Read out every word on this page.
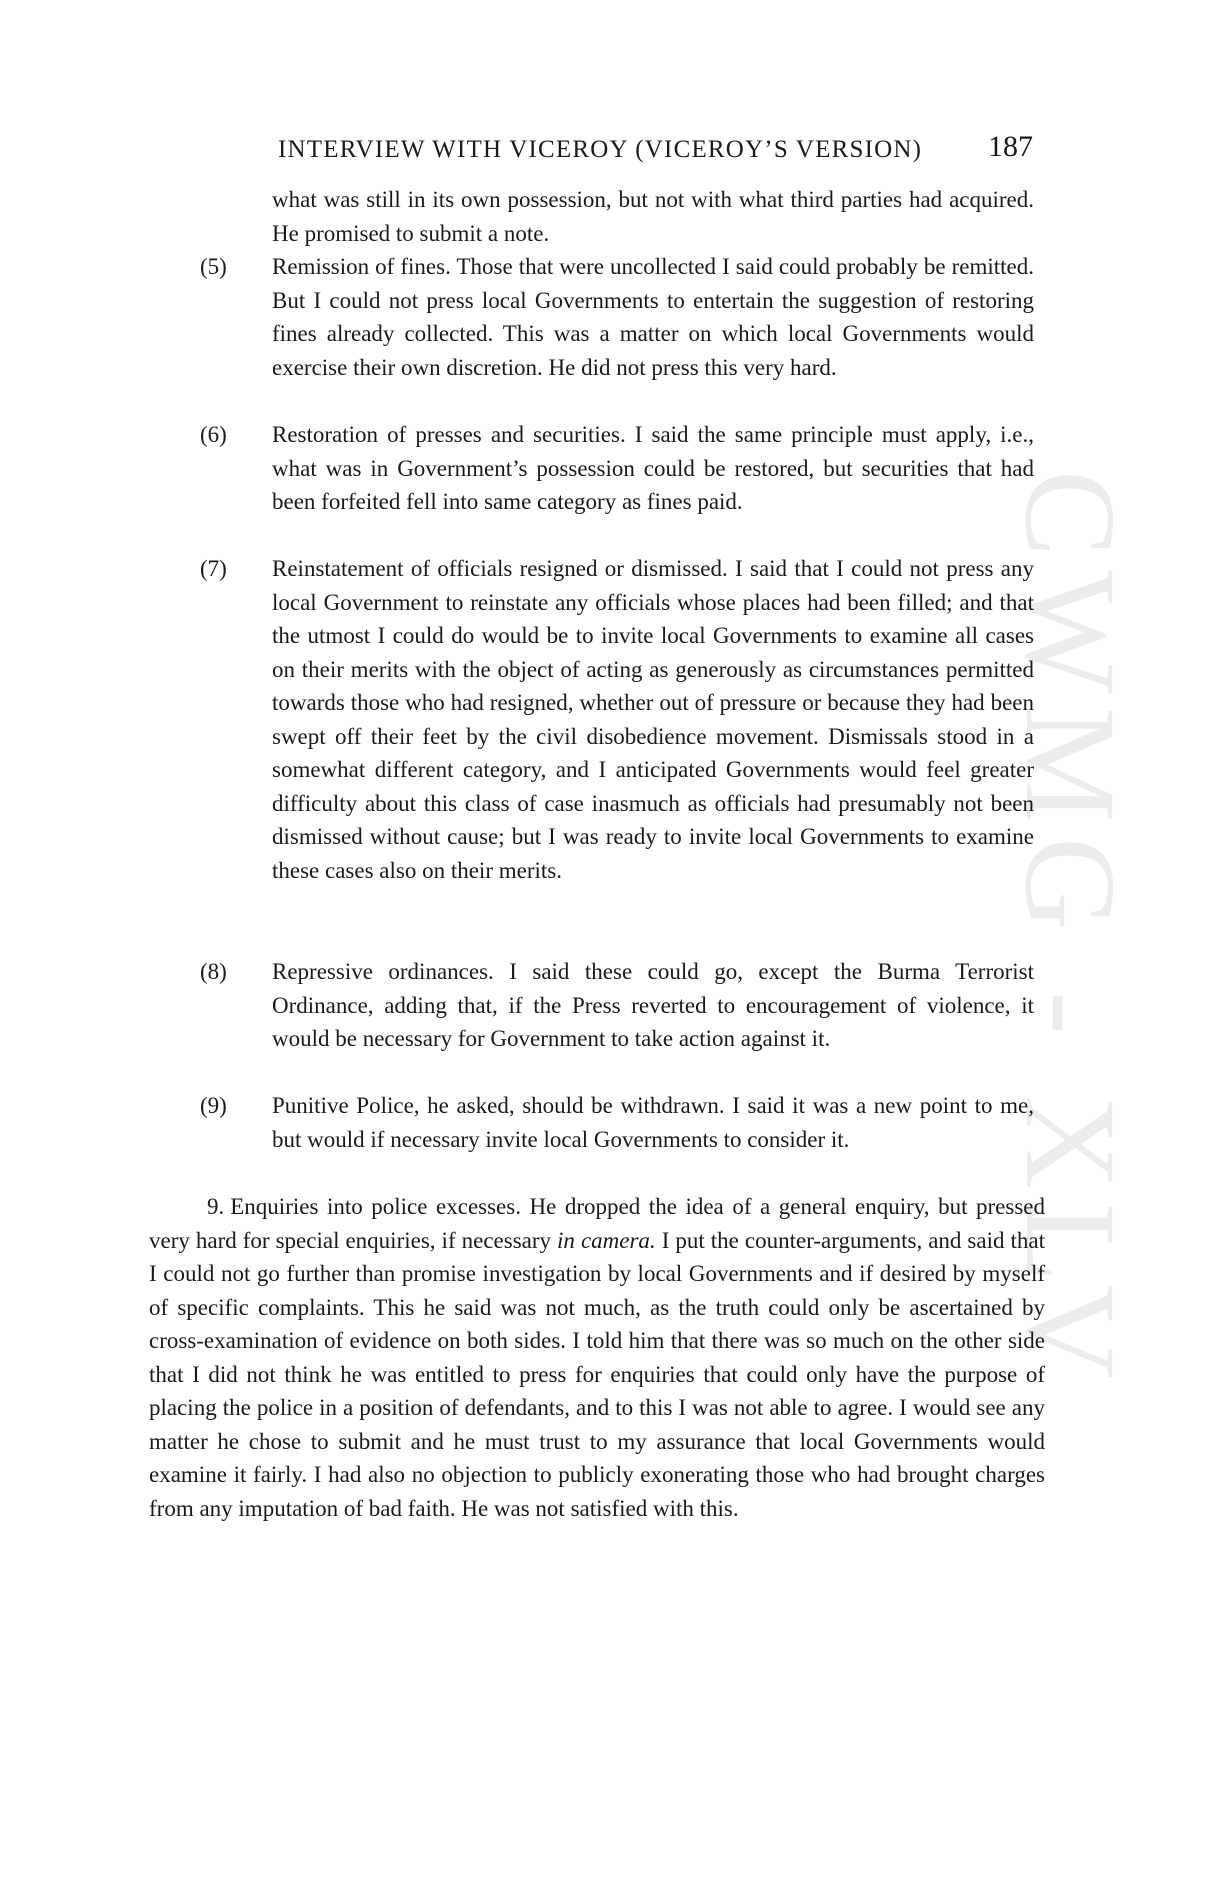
CWMG - XLV
INTERVIEW WITH VICEROY (VICEROY’S VERSION) 187
what was still in its own possession, but not with what third parties had acquired. He promised to submit a note.
(5) Remission of fines. Those that were uncollected I said could probably be remitted. But I could not press local Governments to entertain the suggestion of restoring fines already collected. This was a matter on which local Governments would exercise their own discretion. He did not press this very hard.
(6) Restoration of presses and securities. I said the same principle must apply, i.e., what was in Government’s possession could be restored, but securities that had been forfeited fell into same category as fines paid.
(7) Reinstatement of officials resigned or dismissed. I said that I could not press any local Government to reinstate any officials whose places had been filled; and that the utmost I could do would be to invite local Governments to examine all cases on their merits with the object of acting as generously as circumstances permitted towards those who had resigned, whether out of pressure or because they had been swept off their feet by the civil disobedience movement. Dismissals stood in a somewhat different category, and I anticipated Governments would feel greater difficulty about this class of case inasmuch as officials had presumably not been dismissed without cause; but I was ready to invite local Governments to examine these cases also on their merits.
(8) Repressive ordinances. I said these could go, except the Burma Terrorist Ordinance, adding that, if the Press reverted to encouragement of violence, it would be necessary for Government to take action against it.
(9) Punitive Police, he asked, should be withdrawn. I said it was a new point to me, but would if necessary invite local Governments to consider it.

9. Enquiries into police excesses. He dropped the idea of a general enquiry, but pressed very hard for special enquiries, if necessary in camera. I put the counter-arguments, and said that I could not go further than promise investigation by local Governments and if desired by myself of specific complaints. This he said was not much, as the truth could only be ascertained by cross-examination of evidence on both sides. I told him that there was so much on the other side that I did not think he was entitled to press for enquiries that could only have the purpose of placing the police in a position of defendants, and to this I was not able to agree. I would see any matter he chose to submit and he must trust to my assurance that local Governments would examine it fairly. I had also no objection to publicly exonerating those who had brought charges from any imputation of bad faith. He was not satisfied with this.
